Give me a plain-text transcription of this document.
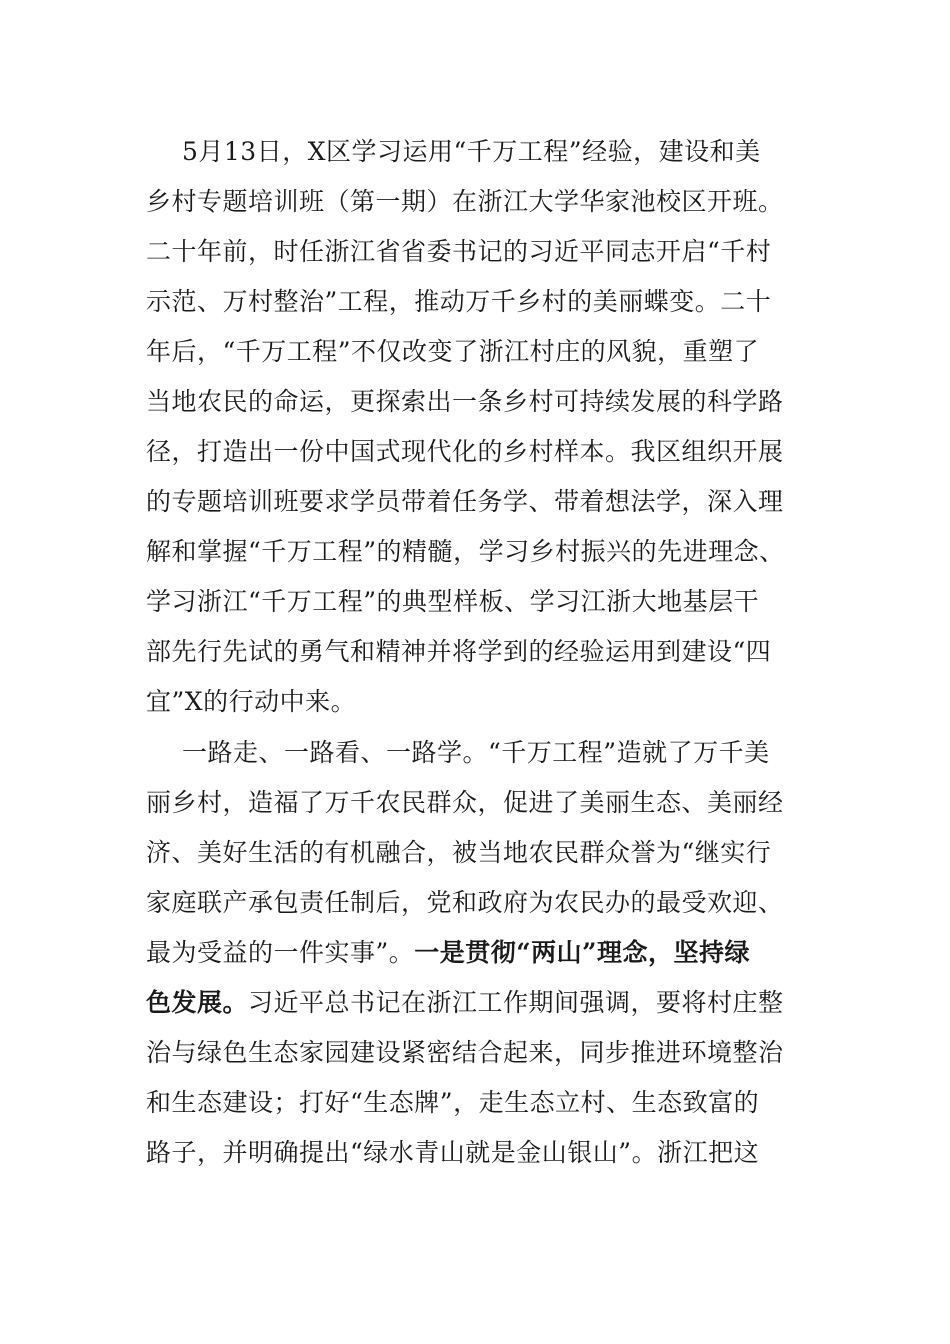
5月13日，X区学习运用“千万工程”经验，建设和美
乡村专题培训班（第一期）在浙江大学华家池校区开班。
二十年前，时任浙江省省委书记的习近平同志开启“千村
示范、万村整治”工程，推动万千乡村的美丽蝶变。二十
年后，“千万工程”不仅改变了浙江村庄的风貌，重塑了
当地农民的命运，更探索出一条乡村可持续发展的科学路
径，打造出一份中国式现代化的乡村样本。我区组织开展
的专题培训班要求学员带着任务学、带着想法学，深入理
解和掌握“千万工程”的精髓，学习乡村振兴的先进理念、
学习浙江“千万工程”的典型样板、学习江浙大地基层干
部先行先试的勇气和精神并将学到的经验运用到建设“四
宜”X的行动中来。
一路走、一路看、一路学。“千万工程”造就了万千美
丽乡村，造福了万千农民群众，促进了美丽生态、美丽经
济、美好生活的有机融合，被当地农民群众誉为“继实行
家庭联产承包责任制后，党和政府为农民办的最受欢迎、
最为受益的一件实事”。一是贯彻“两山”理念，坚持绿
色发展。习近平总书记在浙江工作期间强调，要将村庄整
治与绿色生态家园建设紧密结合起来，同步推进环境整治
和生态建设；打好“生态牌”，走生态立村、生态致富的
路子，并明确提出“绿水青山就是金山银山”。浙江把这
